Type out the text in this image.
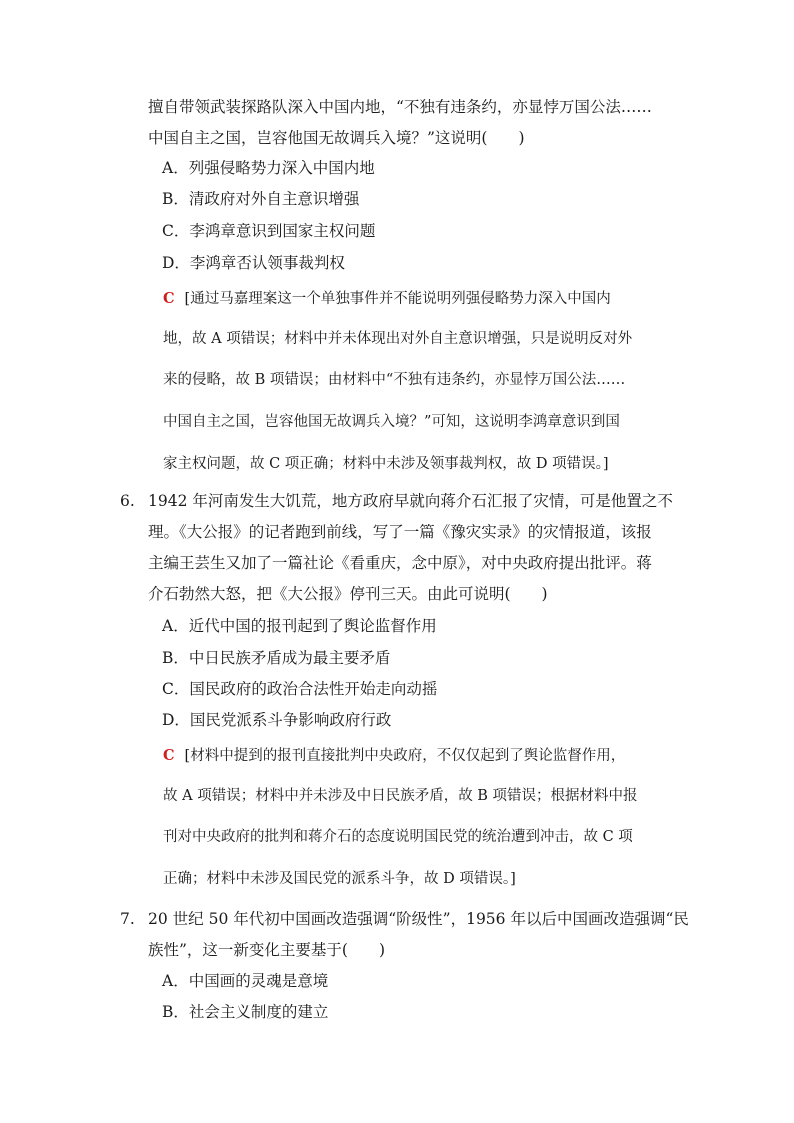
擅自带领武装探路队深入中国内地，“不独有违条约，亦显悖万国公法……
中国自主之国，岂容他国无故调兵入境？”这说明(　　)
A．列强侵略势力深入中国内地
B．清政府对外自主意识增强
C．李鸿章意识到国家主权问题
D．李鸿章否认领事裁判权
C [通过马嘉理案这一个单独事件并不能说明列强侵略势力深入中国内
地，故 A 项错误；材料中并未体现出对外自主意识增强，只是说明反对外
来的侵略，故 B 项错误；由材料中“不独有违条约，亦显悖万国公法……
中国自主之国，岂容他国无故调兵入境？”可知，这说明李鸿章意识到国
家主权问题，故 C 项正确；材料中未涉及领事裁判权，故 D 项错误。]
6. 1942 年河南发生大饥荒，地方政府早就向蒋介石汇报了灾情，可是他置之不
理。《大公报》的记者跑到前线，写了一篇《豫灾实录》的灾情报道，该报
主编王芸生又加了一篇社论《看重庆，念中原》，对中央政府提出批评。蒋
介石勃然大怒，把《大公报》停刊三天。由此可说明(　　)
A．近代中国的报刊起到了舆论监督作用
B．中日民族矛盾成为最主要矛盾
C．国民政府的政治合法性开始走向动摇
D．国民党派系斗争影响政府行政
C [材料中提到的报刊直接批判中央政府，不仅仅起到了舆论监督作用，
故 A 项错误；材料中并未涉及中日民族矛盾，故 B 项错误；根据材料中报
刊对中央政府的批判和蒋介石的态度说明国民党的统治遭到冲击，故 C 项
正确；材料中未涉及国民党的派系斗争，故 D 项错误。]
7. 20 世纪 50 年代初中国画改造强调“阶级性”，1956 年以后中国画改造强调“民
族性”，这一新变化主要基于(　　)
A．中国画的灵魂是意境
B．社会主义制度的建立
